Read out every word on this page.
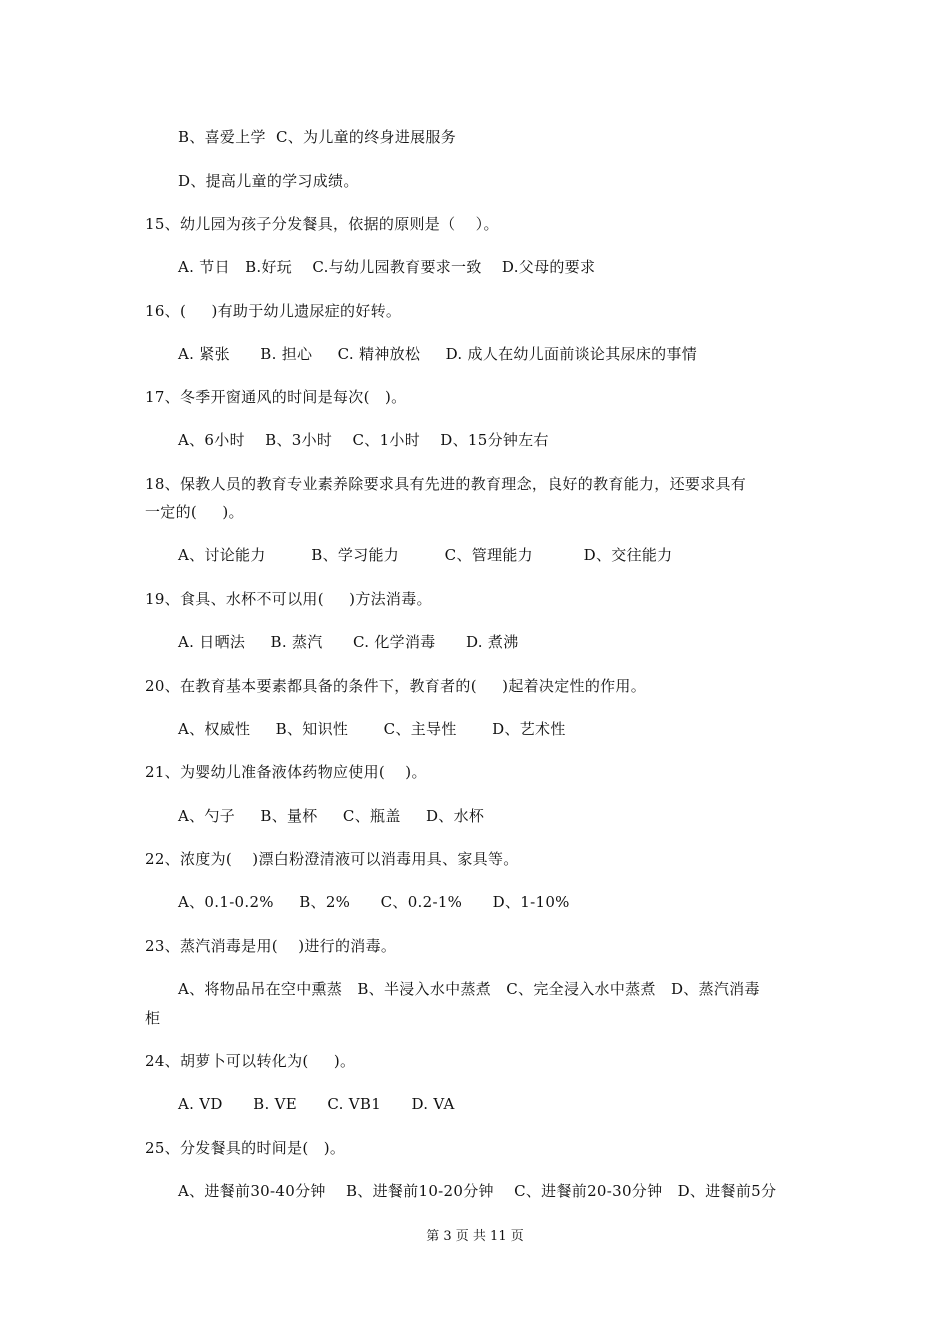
B、喜爱上学  C、为儿童的终身进展服务
D、提高儿童的学习成绩。
15、幼儿园为孩子分发餐具，依据的原则是（    ）。
A. 节日   B.好玩    C.与幼儿园教育要求一致    D.父母的要求
16、(     )有助于幼儿遗尿症的好转。
A. 紧张      B. 担心     C. 精神放松     D. 成人在幼儿面前谈论其尿床的事情
17、冬季开窗通风的时间是每次(   )。
A、6小时    B、3小时    C、1小时    D、15分钟左右
18、保教人员的教育专业素养除要求具有先进的教育理念，良好的教育能力，还要求具有
一定的(     )。
A、讨论能力         B、学习能力         C、管理能力          D、交往能力
19、食具、水杯不可以用(     )方法消毒。
A. 日晒法     B. 蒸汽      C. 化学消毒      D. 煮沸
20、在教育基本要素都具备的条件下，教育者的(     )起着决定性的作用。
A、权威性     B、知识性       C、主导性       D、艺术性
21、为婴幼儿准备液体药物应使用(    )。
A、勺子     B、量杯     C、瓶盖     D、水杯
22、浓度为(    )漂白粉澄清液可以消毒用具、家具等。
A、0.1-0.2%     B、2%      C、0.2-1%      D、1-10%
23、蒸汽消毒是用(    )进行的消毒。
A、将物品吊在空中熏蒸   B、半浸入水中蒸煮   C、完全浸入水中蒸煮   D、蒸汽消毒
柜
24、胡萝卜可以转化为(     )。
A. VD      B. VE      C. VB1      D. VA
25、分发餐具的时间是(   )。
A、进餐前30-40分钟    B、进餐前10-20分钟    C、进餐前20-30分钟   D、进餐前5分
第 3 页 共 11 页
